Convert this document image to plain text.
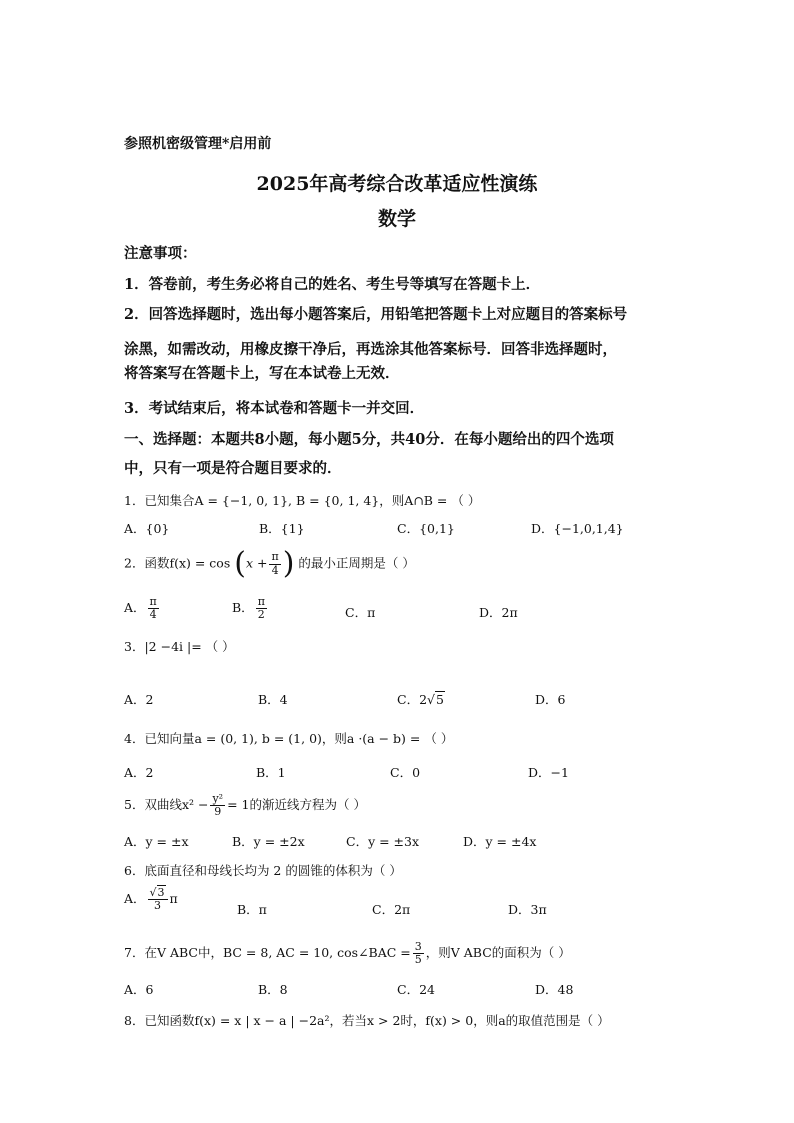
参照机密级管理*启用前
2025年高考综合改革适应性演练
数学
注意事项：
1．答卷前，考生务必将自己的姓名、考生号等填写在答题卡上．
2．回答选择题时，选出每小题答案后，用铅笔把答题卡上对应题目的答案标号
涂黑，如需改动，用橡皮擦干净后，再选涂其他答案标号．回答非选择题时，
将答案写在答题卡上，写在本试卷上无效．
3．考试结束后，将本试卷和答题卡一并交回．
一、选择题：本题共8小题，每小题5分，共40分．在每小题给出的四个选项
中，只有一项是符合题目要求的．
1．已知集合A = {−1, 0, 1}, B = {0, 1, 4}，则A∩B = （ ）
A．{0}	B．{1}	C．{0,1}	D．{−1,0,1,4}
2．函数$f(x) = \cos (x + \frac{\pi}{4}$ ) 的最小正周期是（ ）
A． $\frac{\pi}{4}$	B． $\frac{\pi}{2}$	C．π	D．2π
3．|2 −4i |= （ ）
A．2	B．4	C．2√5	D．6
4．已知向量a = (0, 1), b = (1, 0)，则a ·(a − b) = （ ）
A．2	B．1	C．0	D．−1
5．双曲线$x^2 - \frac{\text{y²}}{9} = 1$的渐近线方程为（ ）
A．y = ±x	B．y = ±2x	C．y = ±3x	D．y = ±4x
6．底面直径和母线长均为 2 的圆锥的体积为（ ）
A． $\frac{√3}{3}$ π
B．π	C．2π	D．3π
7．在V ABC中，BC = 8, AC = 10, cos∠BAC = $\frac{3}{5}$ ，则V ABC的面积为（ ）
A．6	B．8	C．24	D．48
8．已知函数f(x) = x | x − a | −2a²，若当x > 2时，f(x) > 0，则a的取值范围是（ ）
